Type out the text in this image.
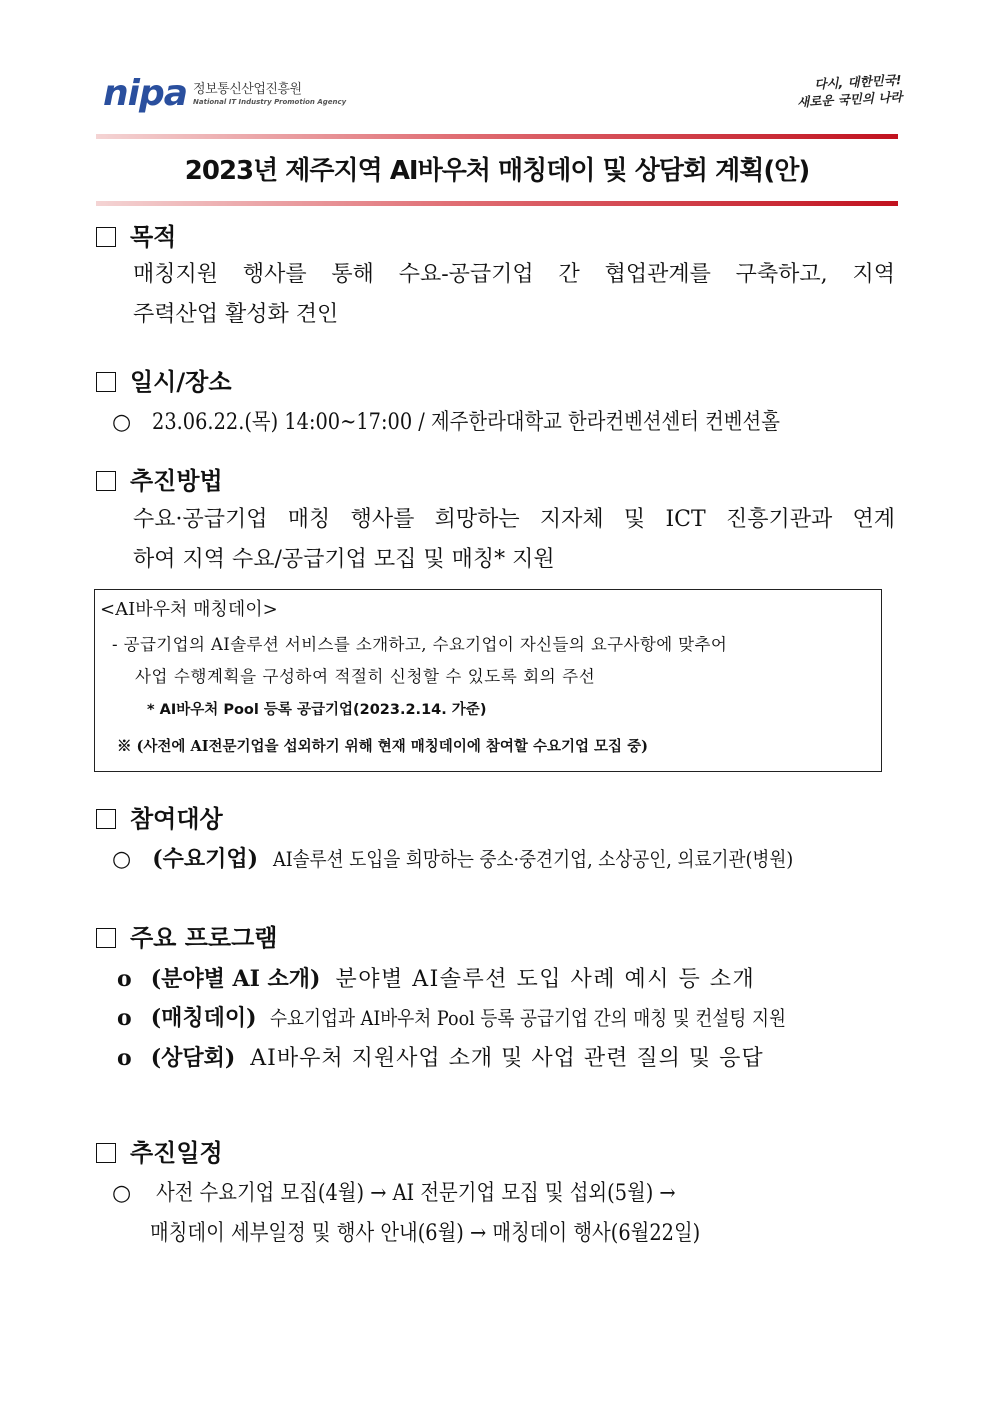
nipa 정보통신산업진흥원
National IT Industry Promotion Agency
다시, 대한민국!
새로운 국민의 나라
2023년 제주지역 AI바우처 매칭데이 및 상담회 계획(안)
목적
매칭지원 행사를 통해 수요-공급기업 간 협업관계를 구축하고, 지역
주력산업 활성화 견인
일시/장소
○ 23.06.22.(목) 14:00~17:00 / 제주한라대학교 한라컨벤션센터 컨벤션홀
추진방법
수요·공급기업 매칭 행사를 희망하는 지자체 및 ICT 진흥기관과 연계
하여 지역 수요/공급기업 모집 및 매칭* 지원
<AI바우처 매칭데이>
- 공급기업의 AI솔루션 서비스를 소개하고, 수요기업이 자신들의 요구사항에 맞추어
사업 수행계획을 구성하여 적절히 신청할 수 있도록 회의 주선
* AI바우처 Pool 등록 공급기업(2023.2.14. 가준)
※ (사전에 AI전문기업을 섭외하기 위해 현재 매칭데이에 참여할 수요기업 모집 중)
참여대상
○ (수요기업) AI솔루션 도입을 희망하는 중소·중견기업, 소상공인, 의료기관(병원)
주요 프로그램
o (분야별 AI 소개) 분야별 AI솔루션 도입 사례 예시 등 소개
o (매칭데이) 수요기업과 AI바우처 Pool 등록 공급기업 간의 매칭 및 컨설팅 지원
o (상담회) AI바우처 지원사업 소개 및 사업 관련 질의 및 응답
추진일정
○ 사전 수요기업 모집(4월) → AI 전문기업 모집 및 섭외(5월) →
매칭데이 세부일정 및 행사 안내(6월) → 매칭데이 행사(6월22일)
